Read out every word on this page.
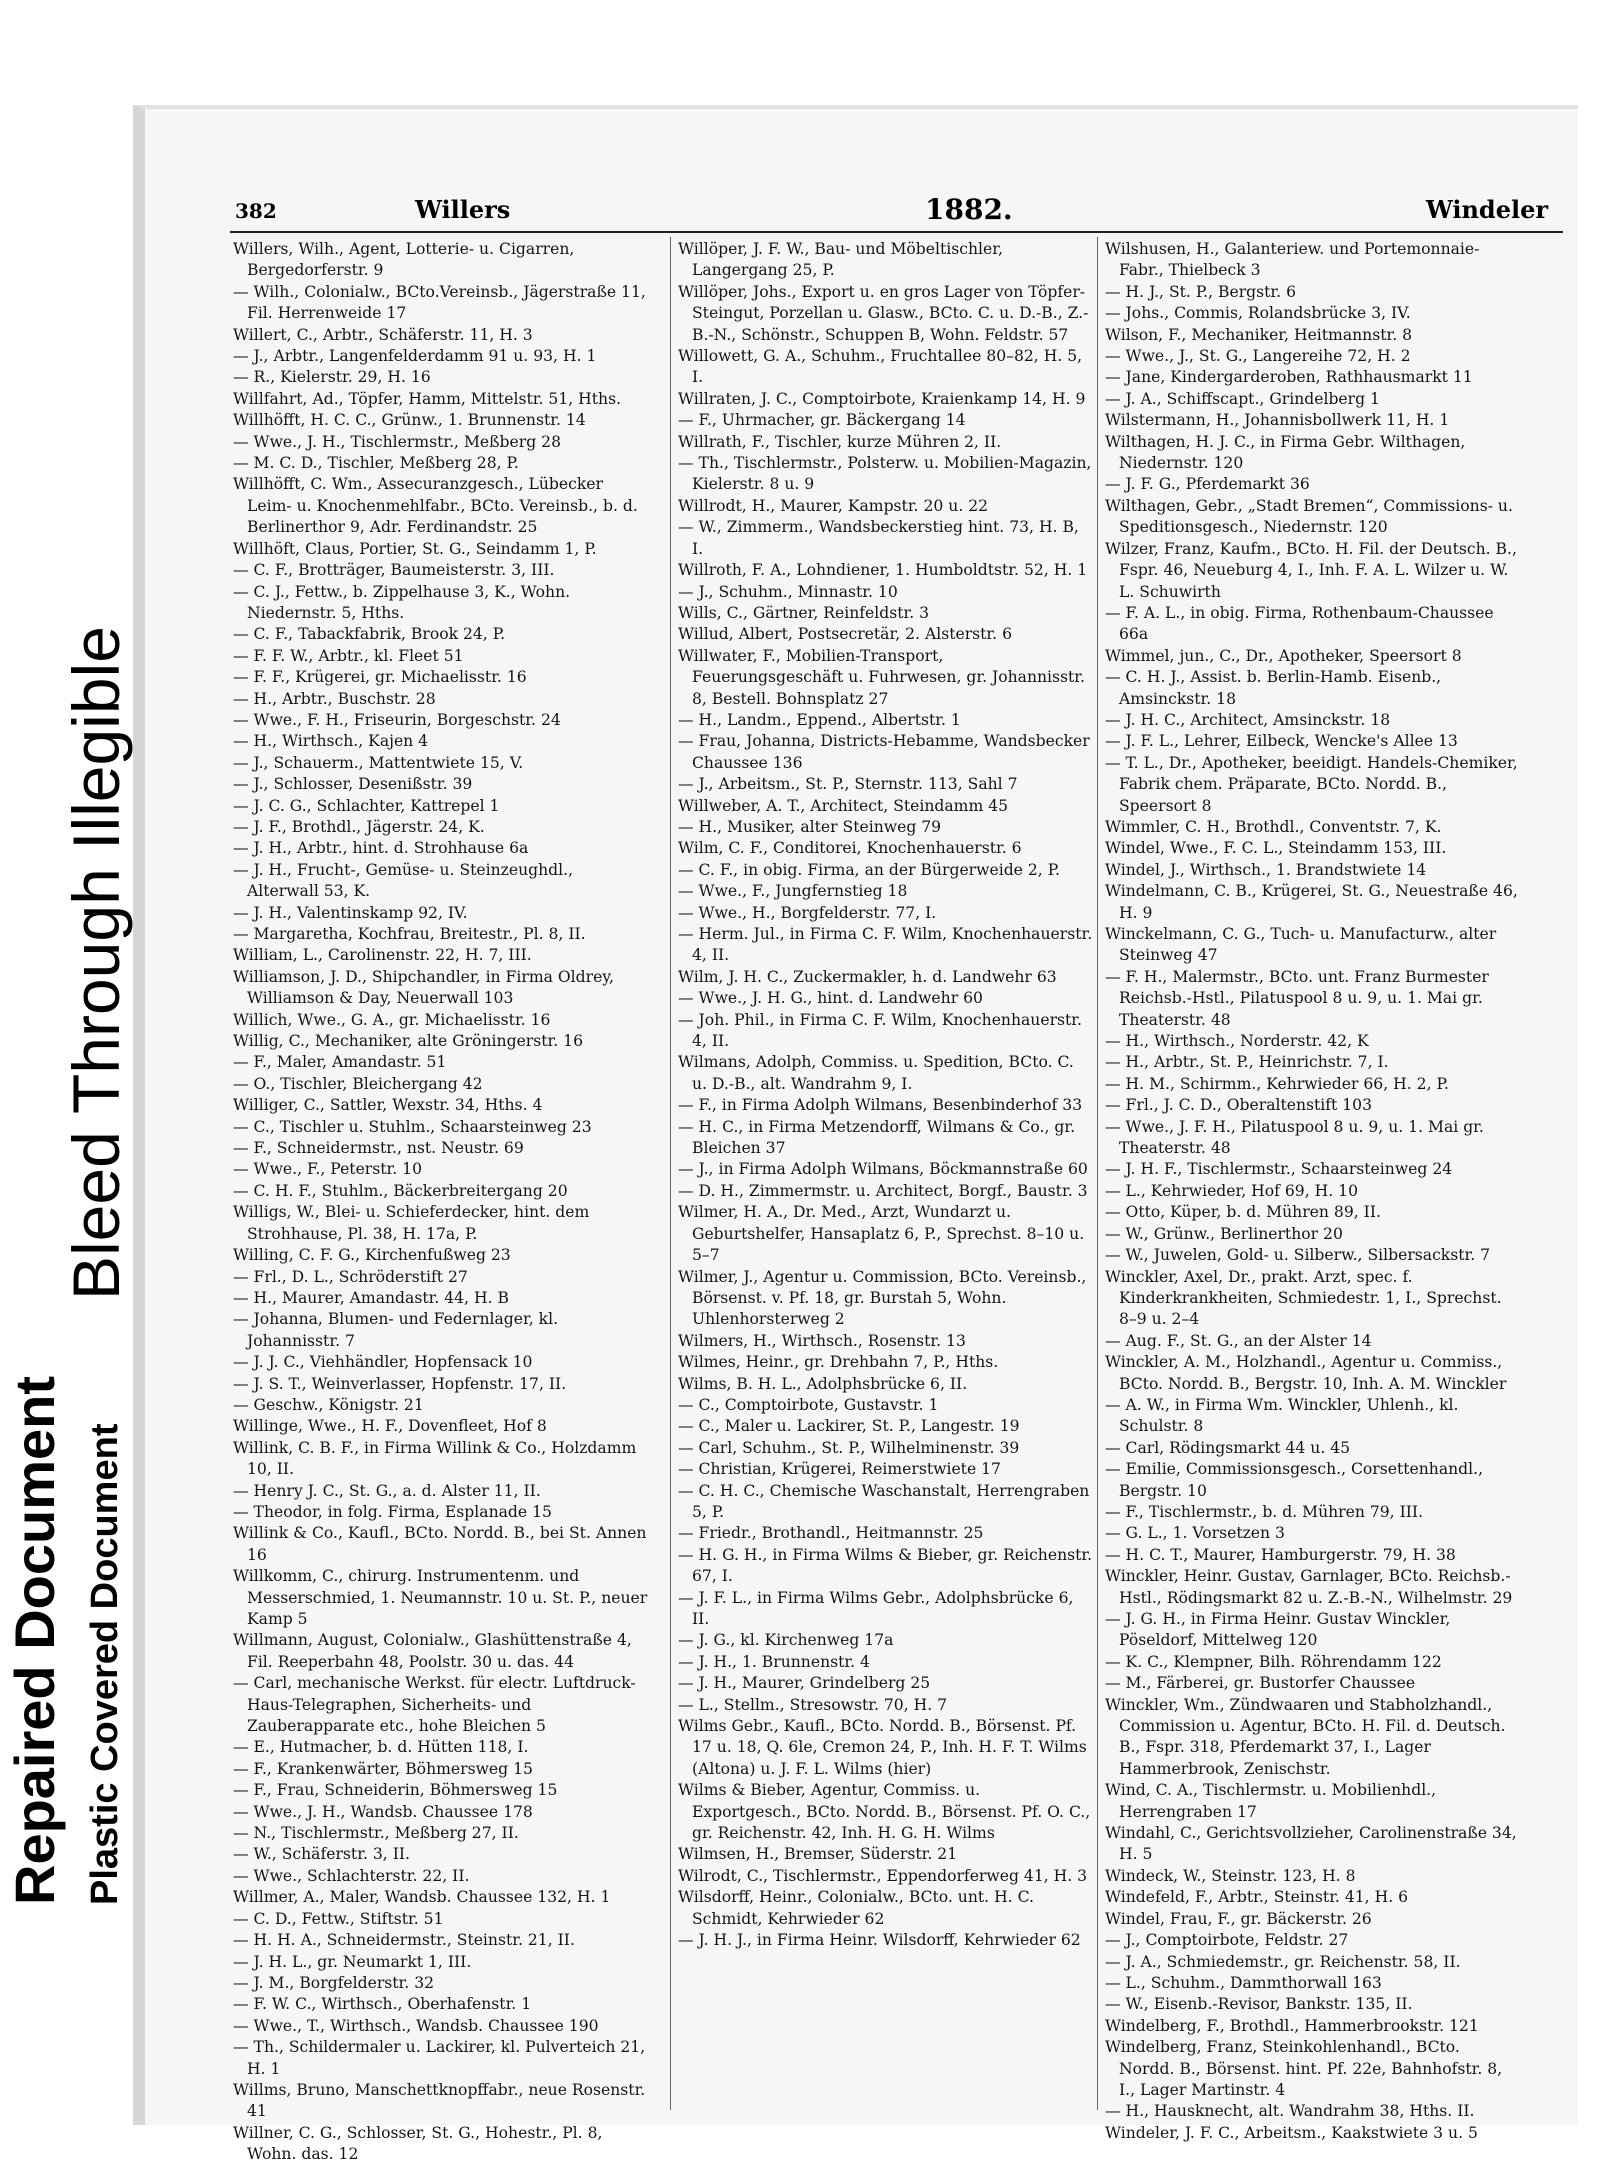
Bleed Through Illegible
Repaired Document Plastic Covered Document
382	Willers	1882.	Windeler
Willers, Wilh., Agent, Lotterie- u. Cigarren, Bergedorferstr. 9
— Wilh., Colonialw., BCto.Vereinsb., Jägerstraße 11, Fil. Herrenweide 17
Willert, C., Arbtr., Schäferstr. 11, H. 3
— J., Arbtr., Langenfelderdamm 91 u. 93, H. 1
— R., Kielerstr. 29, H. 16
Willfahrt, Ad., Töpfer, Hamm, Mittelstr. 51, Hths.
Willhöfft, H. C. C., Grünw., 1. Brunnenstr. 14
— Wwe., J. H., Tischlermstr., Meßberg 28
— M. C. D., Tischler, Meßberg 28, P.
Willhöfft, C. Wm., Assecuranzgesch., Lübecker Leim- u. Knochenmehlfabr., BCto. Vereinsb., b. d. Berlinerthor 9, Adr. Ferdinandstr. 25
Willhöft, Claus, Portier, St. G., Seindamm 1, P.
— C. F., Brotträger, Baumeisterstr. 3, III.
— C. J., Fettw., b. Zippelhause 3, K., Wohn. Niedernstr. 5, Hths.
— C. F., Tabackfabrik, Brook 24, P.
— F. F. W., Arbtr., kl. Fleet 51
— F. F., Krügerei, gr. Michaelisstr. 16
— H., Arbtr., Buschstr. 28
— Wwe., F. H., Friseurin, Borgeschstr. 24
— H., Wirthsch., Kajen 4
— J., Schauerm., Mattentwiete 15, V.
— J., Schlosser, Desenißstr. 39
— J. C. G., Schlachter, Kattrepel 1
— J. F., Brothdl., Jägerstr. 24, K.
— J. H., Arbtr., hint. d. Strohhause 6a
— J. H., Frucht-, Gemüse- u. Steinzeughdl., Alterwall 53, K.
— J. H., Valentinskamp 92, IV.
— Margaretha, Kochfrau, Breitestr., Pl. 8, II.
William, L., Carolinenstr. 22, H. 7, III.
Williamson, J. D., Shipchandler, in Firma Oldrey, Williamson & Day, Neuerwall 103
Willich, Wwe., G. A., gr. Michaelisstr. 16
Willig, C., Mechaniker, alte Gröningerstr. 16
— F., Maler, Amandastr. 51
— O., Tischler, Bleichergang 42
Williger, C., Sattler, Wexstr. 34, Hths. 4
— C., Tischler u. Stuhlm., Schaarsteinweg 23
— F., Schneidermstr., nst. Neustr. 69
— Wwe., F., Peterstr. 10
— C. H. F., Stuhlm., Bäckerbreitergang 20
Willigs, W., Blei- u. Schieferdecker, hint. dem Strohhause, Pl. 38, H. 17a, P.
Willing, C. F. G., Kirchenfußweg 23
— Frl., D. L., Schröderstift 27
— H., Maurer, Amandastr. 44, H. B
— Johanna, Blumen- und Federnlager, kl. Johannisstr. 7
— J. J. C., Viehhändler, Hopfensack 10
— J. S. T., Weinverlasser, Hopfenstr. 17, II.
— Geschw., Königstr. 21
Willinge, Wwe., H. F., Dovenfleet, Hof 8
Willink, C. B. F., in Firma Willink & Co., Holzdamm 10, II.
— Henry J. C., St. G., a. d. Alster 11, II.
— Theodor, in folg. Firma, Esplanade 15
Willink & Co., Kaufl., BCto. Nordd. B., bei St. Annen 16
Willkomm, C., chirurg. Instrumentenm. und Messerschmied, 1. Neumannstr. 10 u. St. P., neuer Kamp 5
Willmann, August, Colonialw., Glashüttenstraße 4, Fil. Reeperbahn 48, Poolstr. 30 u. das. 44
— Carl, mechanische Werkst. für electr. Luftdruck-Haus-Telegraphen, Sicherheits- und Zauberapparate etc., hohe Bleichen 5
— E., Hutmacher, b. d. Hütten 118, I.
— F., Krankenwärter, Böhmersweg 15
— F., Frau, Schneiderin, Böhmersweg 15
— Wwe., J. H., Wandsb. Chaussee 178
— N., Tischlermstr., Meßberg 27, II.
— W., Schäferstr. 3, II.
— Wwe., Schlachterstr. 22, II.
Willmer, A., Maler, Wandsb. Chaussee 132, H. 1
— C. D., Fettw., Stiftstr. 51
— H. H. A., Schneidermstr., Steinstr. 21, II.
— J. H. L., gr. Neumarkt 1, III.
— J. M., Borgfelderstr. 32
— F. W. C., Wirthsch., Oberhafenstr. 1
— Wwe., T., Wirthsch., Wandsb. Chaussee 190
— Th., Schildermaler u. Lackirer, kl. Pulverteich 21, H. 1
Willms, Bruno, Manschettknopffabr., neue Rosenstr. 41
Willner, C. G., Schlosser, St. G., Hohestr., Pl. 8, Wohn. das. 12
Willöper, J. F. W., Bau- und Möbeltischler, Langergang 25, P.
Willöper, Johs., Export u. en gros Lager von Töpfer-Steingut, Porzellan u. Glasw., BCto. C. u. D.-B., Z.-B.-N., Schönstr., Schuppen B, Wohn. Feldstr. 57
Willowett, G. A., Schuhm., Fruchtallee 80–82, H. 5, I.
Willraten, J. C., Comptoirbote, Kraienkamp 14, H. 9
— F., Uhrmacher, gr. Bäckergang 14
Willrath, F., Tischler, kurze Mühren 2, II.
— Th., Tischlermstr., Polsterw. u. Mobilien-Magazin, Kielerstr. 8 u. 9
Willrodt, H., Maurer, Kampstr. 20 u. 22
— W., Zimmerm., Wandsbeckerstieg hint. 73, H. B, I.
Willroth, F. A., Lohndiener, 1. Humboldtstr. 52, H. 1
— J., Schuhm., Minnastr. 10
Wills, C., Gärtner, Reinfeldstr. 3
Willud, Albert, Postsecretär, 2. Alsterstr. 6
Willwater, F., Mobilien-Transport, Feuerungsgeschäft u. Fuhrwesen, gr. Johannisstr. 8, Bestell. Bohnsplatz 27
— H., Landm., Eppend., Albertstr. 1
— Frau, Johanna, Districts-Hebamme, Wandsbecker Chaussee 136
— J., Arbeitsm., St. P., Sternstr. 113, Sahl 7
Willweber, A. T., Architect, Steindamm 45
— H., Musiker, alter Steinweg 79
Wilm, C. F., Conditorei, Knochenhauerstr. 6
— C. F., in obig. Firma, an der Bürgerweide 2, P.
— Wwe., F., Jungfernstieg 18
— Wwe., H., Borgfelderstr. 77, I.
— Herm. Jul., in Firma C. F. Wilm, Knochenhauerstr. 4, II.
Wilm, J. H. C., Zuckermakler, h. d. Landwehr 63
— Wwe., J. H. G., hint. d. Landwehr 60
— Joh. Phil., in Firma C. F. Wilm, Knochenhauerstr. 4, II.
Wilmans, Adolph, Commiss. u. Spedition, BCto. C. u. D.-B., alt. Wandrahm 9, I.
— F., in Firma Adolph Wilmans, Besenbinderhof 33
— H. C., in Firma Metzendorff, Wilmans & Co., gr. Bleichen 37
— J., in Firma Adolph Wilmans, Böckmannstraße 60
— D. H., Zimmermstr. u. Architect, Borgf., Baustr. 3
Wilmer, H. A., Dr. Med., Arzt, Wundarzt u. Geburtshelfer, Hansaplatz 6, P., Sprechst. 8–10 u. 5–7
Wilmer, J., Agentur u. Commission, BCto. Vereinsb., Börsenst. v. Pf. 18, gr. Burstah 5, Wohn. Uhlenhorsterweg 2
Wilmers, H., Wirthsch., Rosenstr. 13
Wilmes, Heinr., gr. Drehbahn 7, P., Hths.
Wilms, B. H. L., Adolphsbrücke 6, II.
— C., Comptoirbote, Gustavstr. 1
— C., Maler u. Lackirer, St. P., Langestr. 19
— Carl, Schuhm., St. P., Wilhelminenstr. 39
— Christian, Krügerei, Reimerstwiete 17
— C. H. C., Chemische Waschanstalt, Herrengraben 5, P.
— Friedr., Brothandl., Heitmannstr. 25
— H. G. H., in Firma Wilms & Bieber, gr. Reichenstr. 67, I.
— J. F. L., in Firma Wilms Gebr., Adolphsbrücke 6, II.
— J. G., kl. Kirchenweg 17a
— J. H., 1. Brunnenstr. 4
— J. H., Maurer, Grindelberg 25
— L., Stellm., Stresowstr. 70, H. 7
Wilms Gebr., Kaufl., BCto. Nordd. B., Börsenst. Pf. 17 u. 18, Q. 6le, Cremon 24, P., Inh. H. F. T. Wilms (Altona) u. J. F. L. Wilms (hier)
Wilms & Bieber, Agentur, Commiss. u. Exportgesch., BCto. Nordd. B., Börsenst. Pf. O. C., gr. Reichenstr. 42, Inh. H. G. H. Wilms
Wilmsen, H., Bremser, Süderstr. 21
Wilrodt, C., Tischlermstr., Eppendorferweg 41, H. 3
Wilsdorff, Heinr., Colonialw., BCto. unt. H. C. Schmidt, Kehrwieder 62
— J. H. J., in Firma Heinr. Wilsdorff, Kehrwieder 62
Wilshusen, H., Galanteriew. und Portemonnaie-Fabr., Thielbeck 3
— H. J., St. P., Bergstr. 6
— Johs., Commis, Rolandsbrücke 3, IV.
Wilson, F., Mechaniker, Heitmannstr. 8
— Wwe., J., St. G., Langereihe 72, H. 2
— Jane, Kindergarderoben, Rathhausmarkt 11
— J. A., Schiffscapt., Grindelberg 1
Wilstermann, H., Johannisbollwerk 11, H. 1
Wilthagen, H. J. C., in Firma Gebr. Wilthagen, Niedernstr. 120
— J. F. G., Pferdemarkt 36
Wilthagen, Gebr., „Stadt Bremen“, Commissions- u. Speditionsgesch., Niedernstr. 120
Wilzer, Franz, Kaufm., BCto. H. Fil. der Deutsch. B., Fspr. 46, Neueburg 4, I., Inh. F. A. L. Wilzer u. W. L. Schuwirth
— F. A. L., in obig. Firma, Rothenbaum-Chaussee 66a
Wimmel, jun., C., Dr., Apotheker, Speersort 8
— C. H. J., Assist. b. Berlin-Hamb. Eisenb., Amsinckstr. 18
— J. H. C., Architect, Amsinckstr. 18
— J. F. L., Lehrer, Eilbeck, Wencke's Allee 13
— T. L., Dr., Apotheker, beeidigt. Handels-Chemiker, Fabrik chem. Präparate, BCto. Nordd. B., Speersort 8
Wimmler, C. H., Brothdl., Conventstr. 7, K.
Windel, Wwe., F. C. L., Steindamm 153, III.
Windel, J., Wirthsch., 1. Brandstwiete 14
Windelmann, C. B., Krügerei, St. G., Neuestraße 46, H. 9
Winckelmann, C. G., Tuch- u. Manufacturw., alter Steinweg 47
— F. H., Malermstr., BCto. unt. Franz Burmester Reichsb.-Hstl., Pilatuspool 8 u. 9, u. 1. Mai gr. Theaterstr. 48
— H., Wirthsch., Norderstr. 42, K
— H., Arbtr., St. P., Heinrichstr. 7, I.
— H. M., Schirmm., Kehrwieder 66, H. 2, P.
— Frl., J. C. D., Oberaltenstift 103
— Wwe., J. F. H., Pilatuspool 8 u. 9, u. 1. Mai gr. Theaterstr. 48
— J. H. F., Tischlermstr., Schaarsteinweg 24
— L., Kehrwieder, Hof 69, H. 10
— Otto, Küper, b. d. Mühren 89, II.
— W., Grünw., Berlinerthor 20
— W., Juwelen, Gold- u. Silberw., Silbersackstr. 7
Winckler, Axel, Dr., prakt. Arzt, spec. f. Kinderkrankheiten, Schmiedestr. 1, I., Sprechst. 8–9 u. 2–4
— Aug. F., St. G., an der Alster 14
Winckler, A. M., Holzhandl., Agentur u. Commiss., BCto. Nordd. B., Bergstr. 10, Inh. A. M. Winckler
— A. W., in Firma Wm. Winckler, Uhlenh., kl. Schulstr. 8
— Carl, Rödingsmarkt 44 u. 45
— Emilie, Commissionsgesch., Corsettenhandl., Bergstr. 10
— F., Tischlermstr., b. d. Mühren 79, III.
— G. L., 1. Vorsetzen 3
— H. C. T., Maurer, Hamburgerstr. 79, H. 38
Winckler, Heinr. Gustav, Garnlager, BCto. Reichsb.-Hstl., Rödingsmarkt 82 u. Z.-B.-N., Wilhelmstr. 29
— J. G. H., in Firma Heinr. Gustav Winckler, Pöseldorf, Mittelweg 120
— K. C., Klempner, Bilh. Röhrendamm 122
— M., Färberei, gr. Bustorfer Chaussee
Winckler, Wm., Zündwaaren und Stabholzhandl., Commission u. Agentur, BCto. H. Fil. d. Deutsch. B., Fspr. 318, Pferdemarkt 37, I., Lager Hammerbrook, Zenischstr.
Wind, C. A., Tischlermstr. u. Mobilienhdl., Herrengraben 17
Windahl, C., Gerichtsvollzieher, Carolinenstraße 34, H. 5
Windeck, W., Steinstr. 123, H. 8
Windefeld, F., Arbtr., Steinstr. 41, H. 6
Windel, Frau, F., gr. Bäckerstr. 26
— J., Comptoirbote, Feldstr. 27
— J. A., Schmiedemstr., gr. Reichenstr. 58, II.
— L., Schuhm., Dammthorwall 163
— W., Eisenb.-Revisor, Bankstr. 135, II.
Windelberg, F., Brothdl., Hammerbrookstr. 121
Windelberg, Franz, Steinkohlenhandl., BCto. Nordd. B., Börsenst. hint. Pf. 22e, Bahnhofstr. 8, I., Lager Martinstr. 4
— H., Hausknecht, alt. Wandrahm 38, Hths. II.
Windeler, J. F. C., Arbeitsm., Kaakstwiete 3 u. 5
